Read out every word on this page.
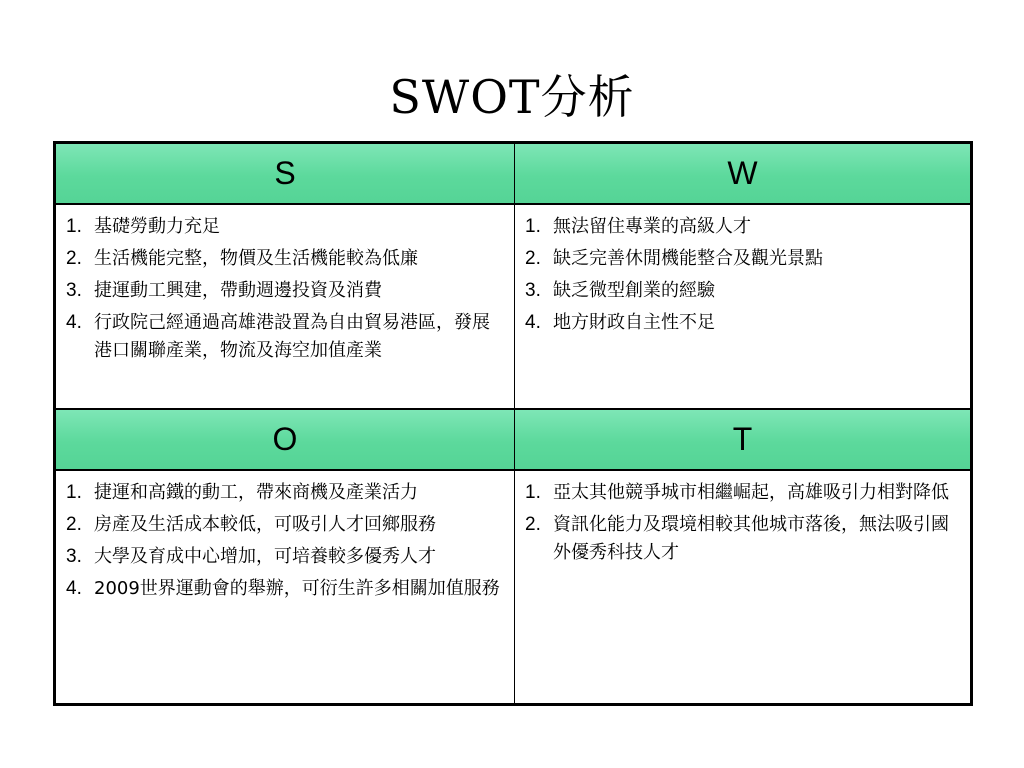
SWOT分析
S	W
1. 基礎勞動力充足
2. 生活機能完整，物價及生活機能較為低廉
3. 捷運動工興建，帶動週邊投資及消費
4. 行政院己經通過高雄港設置為自由貿易港區，發展港口關聯產業，物流及海空加值產業
1. 無法留住專業的高級人才
2. 缺乏完善休閒機能整合及觀光景點
3. 缺乏微型創業的經驗
4. 地方財政自主性不足
O	T
1. 捷運和高鐵的動工，帶來商機及產業活力
2. 房產及生活成本較低，可吸引人才回鄉服務
3. 大學及育成中心增加，可培養較多優秀人才
4. 2009世界運動會的舉辦，可衍生許多相關加值服務
1. 亞太其他競爭城市相繼崛起，高雄吸引力相對降低
2. 資訊化能力及環境相較其他城市落後，無法吸引國外優秀科技人才
